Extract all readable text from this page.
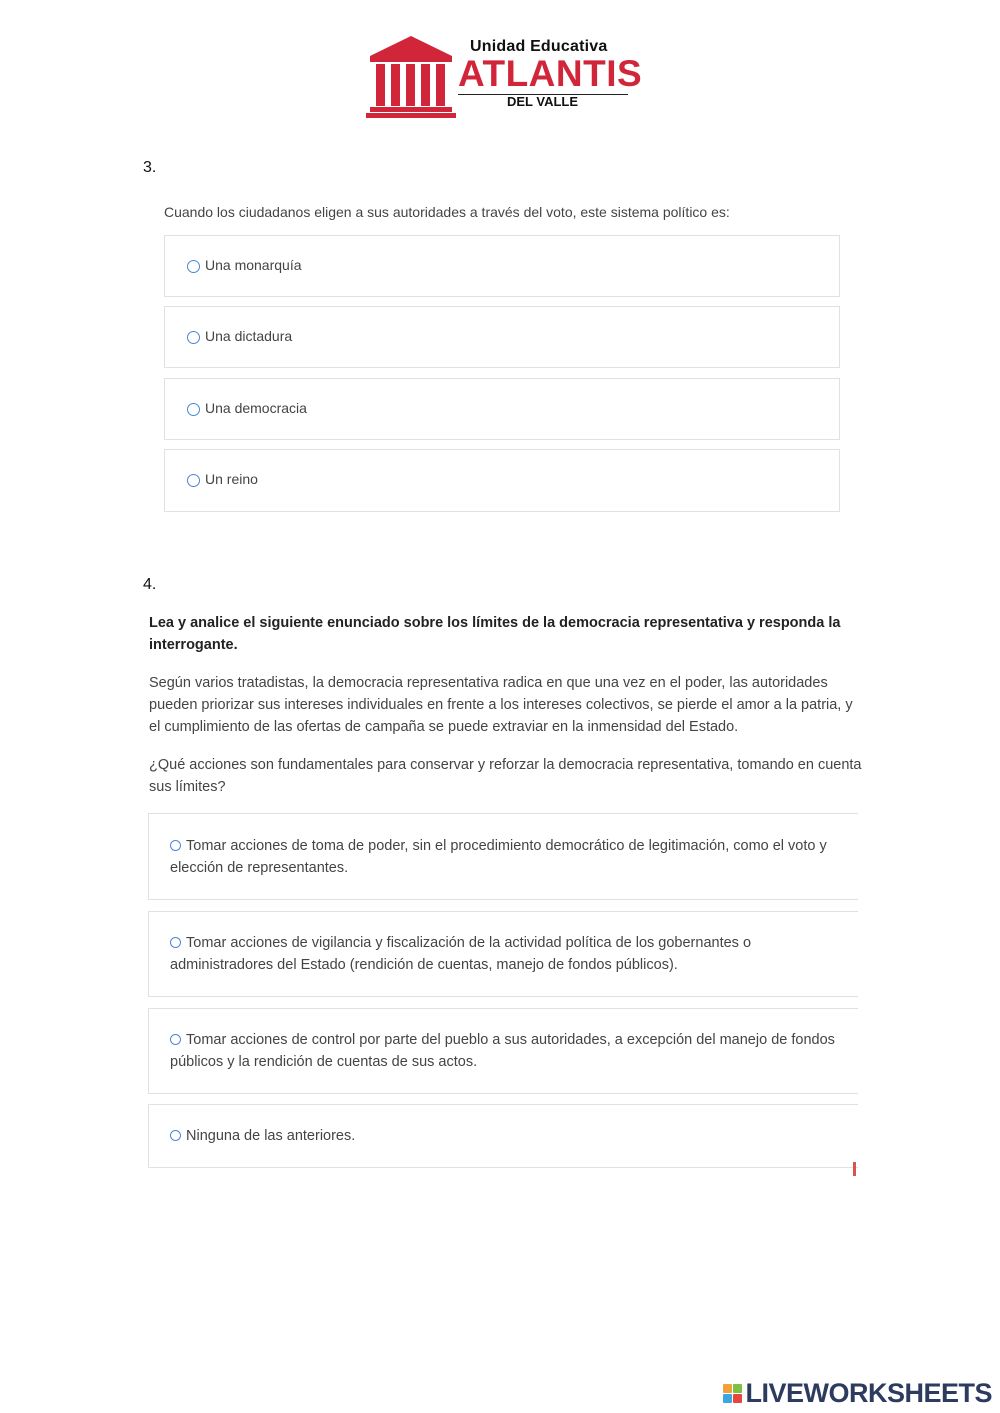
Unidad Educativa
ATLANTIS
DEL VALLE
3.
Cuando los ciudadanos eligen a sus autoridades a través del voto, este sistema político es:
Una monarquía
Una dictadura
Una democracia
Un reino
4.
Lea y analice el siguiente enunciado sobre los límites de la democracia representativa y responda la interrogante.
Según varios tratadistas, la democracia representativa radica en que una vez en el poder, las autoridades pueden priorizar sus intereses individuales en frente a los intereses colectivos, se pierde el amor a la patria, y el cumplimiento de las ofertas de campaña se puede extraviar en la inmensidad del Estado.
¿Qué acciones son fundamentales para conservar y reforzar la democracia representativa, tomando en cuenta sus límites?
Tomar acciones de toma de poder, sin el procedimiento democrático de legitimación, como el voto y elección de representantes.
Tomar acciones de vigilancia y fiscalización de la actividad política de los gobernantes o administradores del Estado (rendición de cuentas, manejo de fondos públicos).
Tomar acciones de control por parte del pueblo a sus autoridades, a excepción del manejo de fondos públicos y la rendición de cuentas de sus actos.
Ninguna de las anteriores.
LIVEWORKSHEETS
